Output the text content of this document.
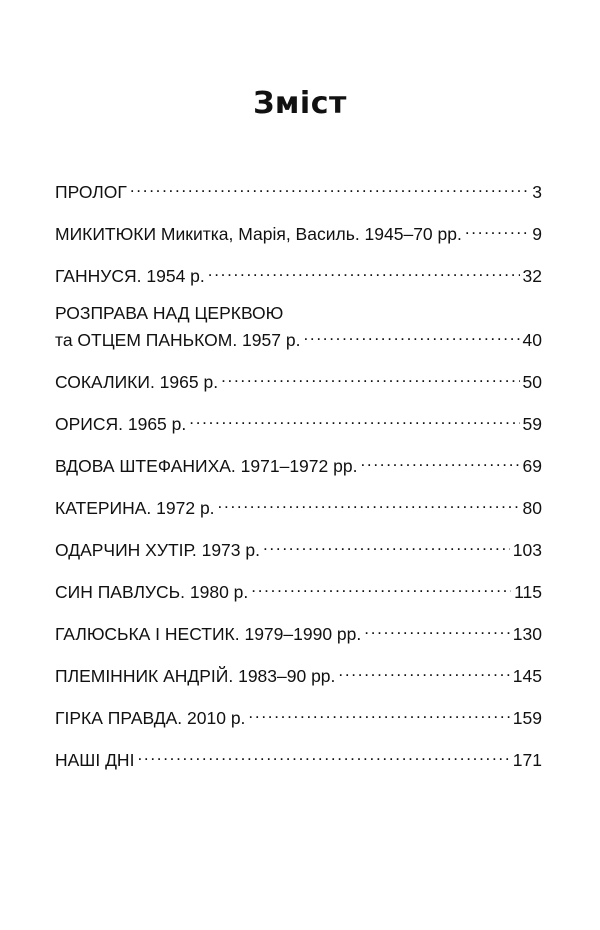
Зміст
ПРОЛОГ . . .	3
МИКИТЮКИ Микитка, Марія, Василь. 1945–70 рр. . . .	9
ГАННУСЯ. 1954 р. . . .	32
РОЗПРАВА НАД ЦЕРКВОЮ
та ОТЦЕМ ПАНЬКОМ. 1957 р. . . .	40
СОКАЛИКИ. 1965 р. . . .	50
ОРИСЯ. 1965 р. . . .	59
ВДОВА ШТЕФАНИХА. 1971–1972 рр. . . .	69
КАТЕРИНА. 1972 р. . . .	80
ОДАРЧИН ХУТІР. 1973 р. . . .	103
СИН ПАВЛУСЬ. 1980 р. . . .	115
ГАЛЮСЬКА І НЕСТИК. 1979–1990 рр. . . .	130
ПЛЕМІННИК АНДРІЙ. 1983–90 рр. . . .	145
ГІРКА ПРАВДА. 2010 р. . . .	159
НАШІ ДНІ . . .	171
